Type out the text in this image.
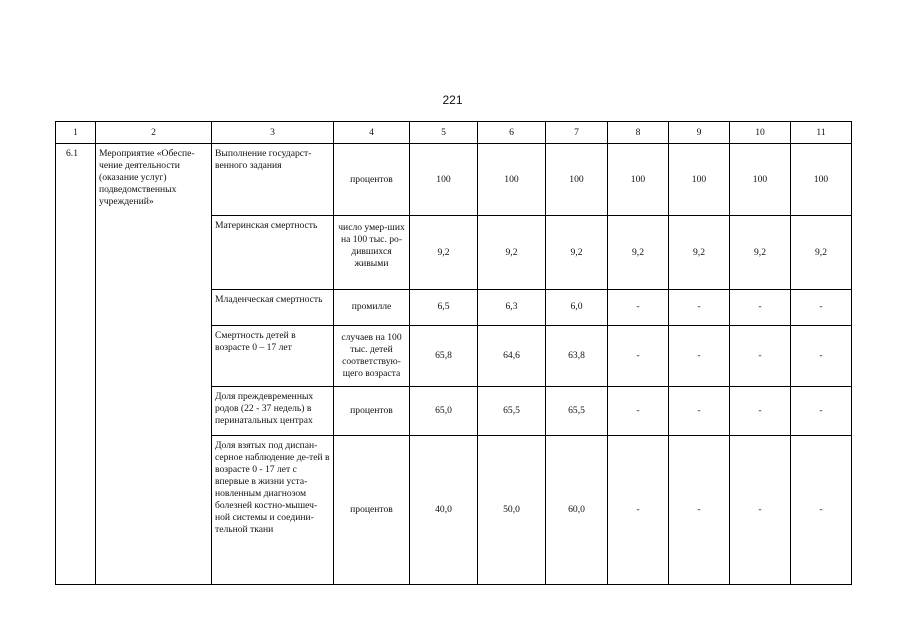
221
1	2	3	4	5	6	7	8	9	10	11
6.1	Мероприятие «Обеспе-чение деятельности (оказание услуг) подведомственных учреждений»	Выполнение государст-венного задания	процентов	100	100	100	100	100	100	100
		Материнская смертность	число умер-ших на 100 тыс. ро-дившихся живыми	9,2	9,2	9,2	9,2	9,2	9,2	9,2
		Младенческая смертность	промилле	6,5	6,3	6,0	-	-	-	-
		Смертность детей в возрасте 0 – 17 лет	случаев на 100 тыс. детей соответствую-щего возраста	65,8	64,6	63,8	-	-	-	-
		Доля преждевременных родов (22 - 37 недель) в перинатальных центрах	процентов	65,0	65,5	65,5	-	-	-	-
		Доля взятых под диспан-серное наблюдение де-тей в возрасте 0 - 17 лет с впервые в жизни уста-новленным диагнозом болезней костно-мышеч-ной системы и соедини-тельной ткани	процентов	40,0	50,0	60,0	-	-	-	-
